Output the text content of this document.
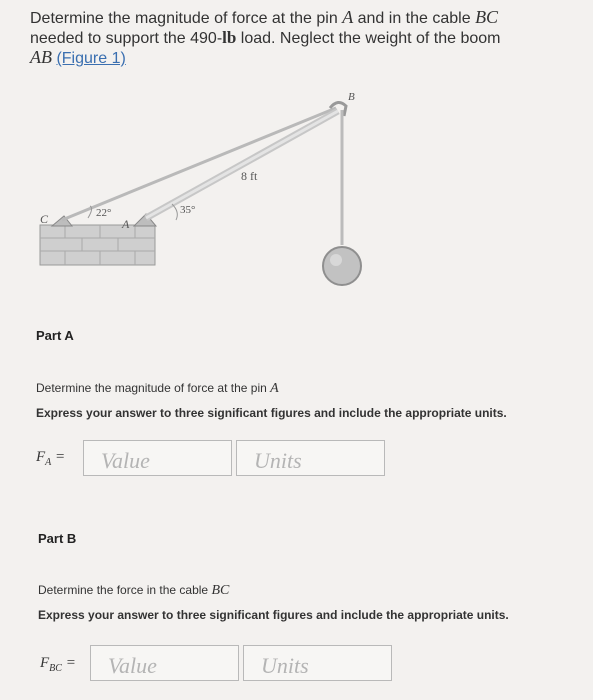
Determine the magnitude of force at the pin A and in the cable BC
needed to support the 490-lb load. Neglect the weight of the boom
AB (Figure 1)
B
C	A
22°	35°
8 ft
Part A
Determine the magnitude of force at the pin A
Express your answer to three significant figures and include the appropriate units.
$F_A$ =	Value	Units
Part B
Determine the force in the cable BC
Express your answer to three significant figures and include the appropriate units.
$F_{BC}$ =	Value	Units
